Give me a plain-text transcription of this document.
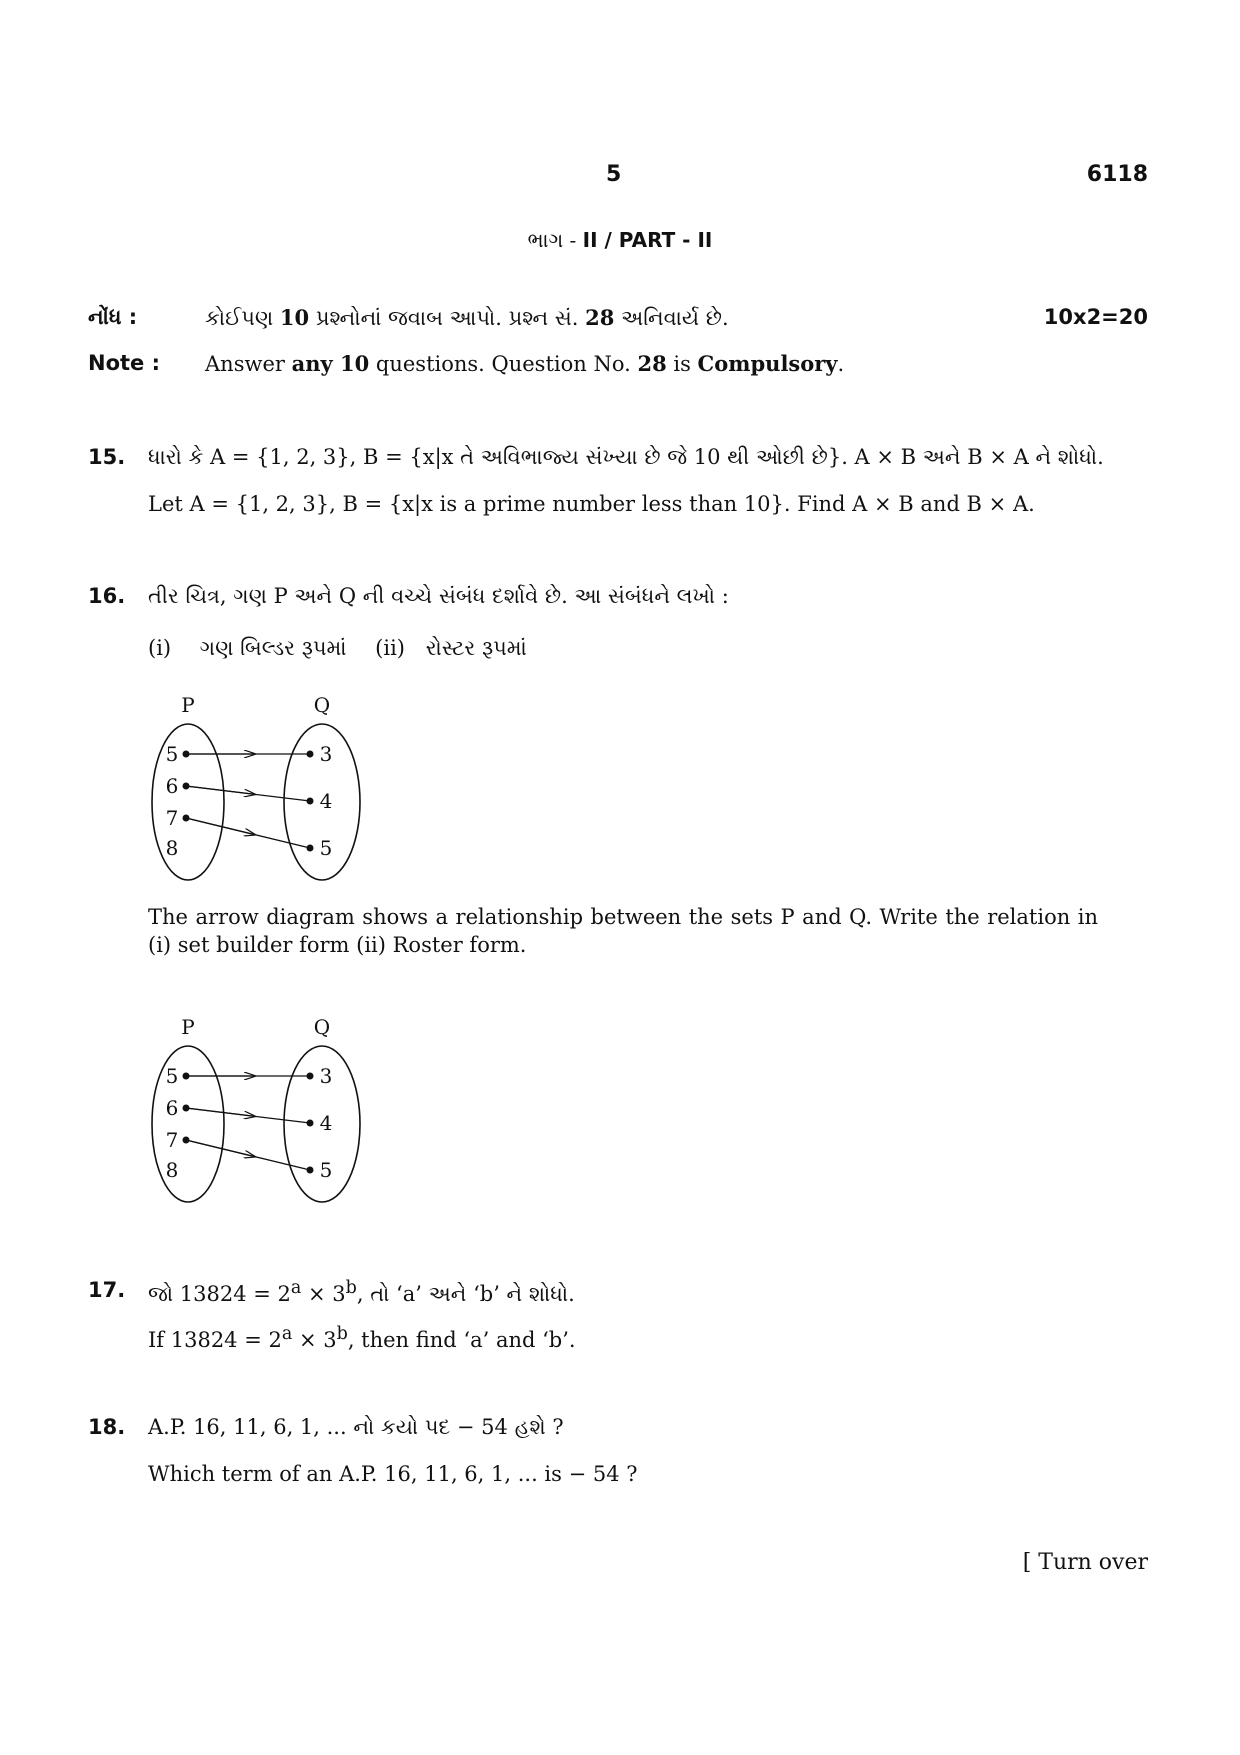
5	6118
ભાગ - II / PART - II
નોંધ :	કોઈપણ 10 પ્રશ્નોનાં જવાબ આપો. પ્રશ્ન સં. 28 અનિવાર્ય છે.	10x2=20
Note : Answer any 10 questions. Question No. 28 is Compulsory.
15. ધારો કે A = {1, 2, 3}, B = {x|x તે અવિભાજ્ય સંખ્યા છે જે 10 થી ઓછી છે}. A × B અને B × A ને શોધો.
Let A = {1, 2, 3}, B = {x|x is a prime number less than 10}. Find A × B and B × A.
16. તીર ચિત્ર, ગણ P અને Q ની વચ્ચે સંબંધ દર્શાવે છે. આ સંબંધને લખો :
(i) ગણ બિલ્ડર રૂપમાં (ii) રોસ્ટર રૂપમાં
P	Q
5
6
7
8
3
4
5
The arrow diagram shows a relationship between the sets P and Q. Write the relation in (i) set builder form (ii) Roster form.
P	Q
5
6
7
8
3
4
5
17. જો $13824 = 2^a \times 3^b$, તો ‘a’ અને ‘b’ ને શોધો.
If $13824 = 2^a \times 3^b$, then find ‘a’ and ‘b’.
18. A.P. 16, 11, 6, 1, ... નો કયો પદ − 54 હશે ?
Which term of an A.P. 16, 11, 6, 1, ... is − 54 ?
[ Turn over
